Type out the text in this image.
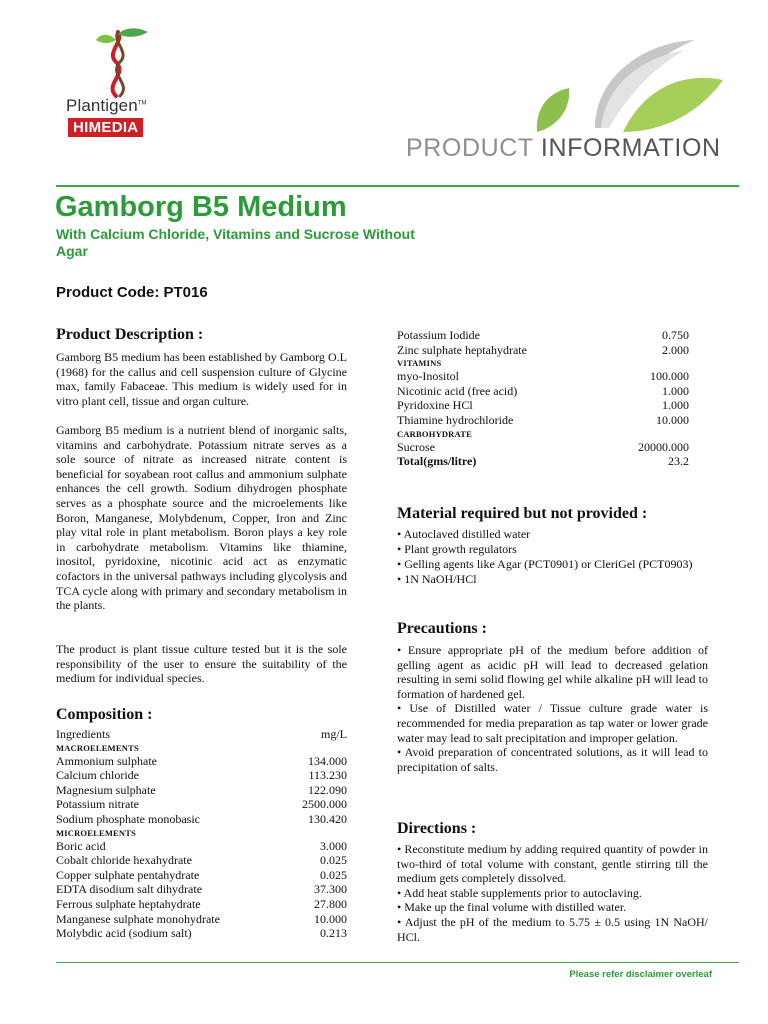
Plantigen™
HIMEDIA
PRODUCT INFORMATION
Gamborg B5 Medium
With Calcium Chloride, Vitamins and Sucrose Without Agar
Product Code: PT016
Product Description :
Gamborg B5 medium has been established by Gamborg O.L (1968) for the callus and cell suspension culture of Glycine max, family Fabaceae. This medium is widely used for in vitro plant cell, tissue and organ culture.
Gamborg B5 medium is a nutrient blend of inorganic salts, vitamins and carbohydrate. Potassium nitrate serves as a sole source of nitrate as increased nitrate content is beneficial for soyabean root callus and ammonium sulphate enhances the cell growth. Sodium dihydrogen phosphate serves as a phosphate source and the microelements like Boron, Manganese, Molybdenum, Copper, Iron and Zinc play vital role in plant metabolism. Boron plays a key role in carbohydrate metabolism. Vitamins like thiamine, inositol, pyridoxine, nicotinic acid act as enzymatic cofactors in the universal pathways including glycolysis and TCA cycle along with primary and secondary metabolism in the plants.
The product is plant tissue culture tested but it is the sole responsibility of the user to ensure the suitability of the medium for individual species.
Composition :
Ingredients	mg/L
MACROELEMENTS
Ammonium sulphate	134.000
Calcium chloride	113.230
Magnesium sulphate	122.090
Potassium nitrate	2500.000
Sodium phosphate monobasic	130.420
MICROELEMENTS
Boric acid	3.000
Cobalt chloride hexahydrate	0.025
Copper sulphate pentahydrate	0.025
EDTA disodium salt dihydrate	37.300
Ferrous sulphate heptahydrate	27.800
Manganese sulphate monohydrate	10.000
Molybdic acid (sodium salt)	0.213
Potassium Iodide	0.750
Zinc sulphate heptahydrate	2.000
VITAMINS
myo-Inositol	100.000
Nicotinic acid (free acid)	1.000
Pyridoxine HCl	1.000
Thiamine hydrochloride	10.000
CARBOHYDRATE
Sucrose	20000.000
Total(gms/litre)	23.2
Material required but not provided :
• Autoclaved distilled water
• Plant growth regulators
• Gelling agents like Agar (PCT0901) or CleriGel (PCT0903)
• 1N NaOH/HCl
Precautions :
• Ensure appropriate pH of the medium before addition of gelling agent as acidic pH will lead to decreased gelation resulting in semi solid flowing gel while alkaline pH will lead to formation of hardened gel.
• Use of Distilled water / Tissue culture grade water is recommended for media preparation as tap water or lower grade water may lead to salt precipitation and improper gelation.
• Avoid preparation of concentrated solutions, as it will lead to precipitation of salts.
Directions :
• Reconstitute medium by adding required quantity of powder in two-third of total volume with constant, gentle stirring till the medium gets completely dissolved.
• Add heat stable supplements prior to autoclaving.
• Make up the final volume with distilled water.
• Adjust the pH of the medium to 5.75 ± 0.5 using 1N NaOH/ HCl.
Please refer disclaimer overleaf
